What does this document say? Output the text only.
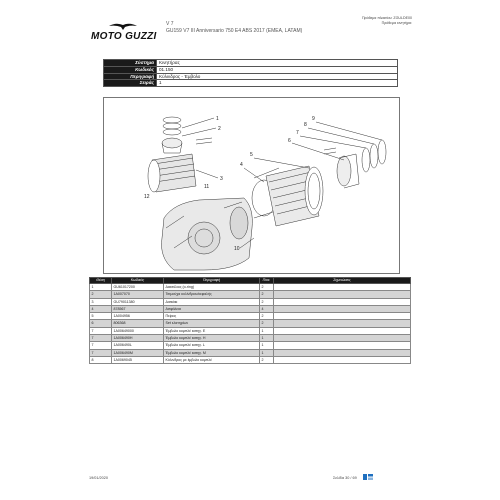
MOTO GUZZI
V 7
GU159 V7 III Anniversario 750 E4 ABS 2017 (EMEA, LATAM)
Πρόθεμα πλαισίου: ZGULDE00
Πρόθεμα κινητήρα:
Σύστημα	Κινητήρας
Κωδικός	01.150
Περιγραφή	Κύλινδρος - Έμβολο
Σειράς	1
1
2
3
4
5
6
7
8
9
10
11
12
Θέση	Κωδικός	Περιγραφή	Ποσ.	Σημειώσεις
1	GU61017200	Δακτύλιος (o-ring)	2	
2	1A007070	Τσιμούχα κυλίνδρου/κεφαλής	2	
3	GU79011380	Δισκάκι	2	
4	878567	Ασφάλεια	4	
5	1A004956	Πείρος	2	
6	806368	Set ελατηρίων	2	
7	1A00649000	Έμβολο κομπλέ κατηγ. Ε	1	
7	1A006490H	Έμβολο κομπλέ κατηγ. Η	1	
7	1A006490L	Έμβολο κομπλέ κατηγ. L	1	
7	1A006490M	Έμβολο κομπλέ κατηγ. Μ	1	
8	1A0069045	Κύλινδρος με έμβολο κομπλέ	2	
19/01/2020	Σελίδα 30 / 69
